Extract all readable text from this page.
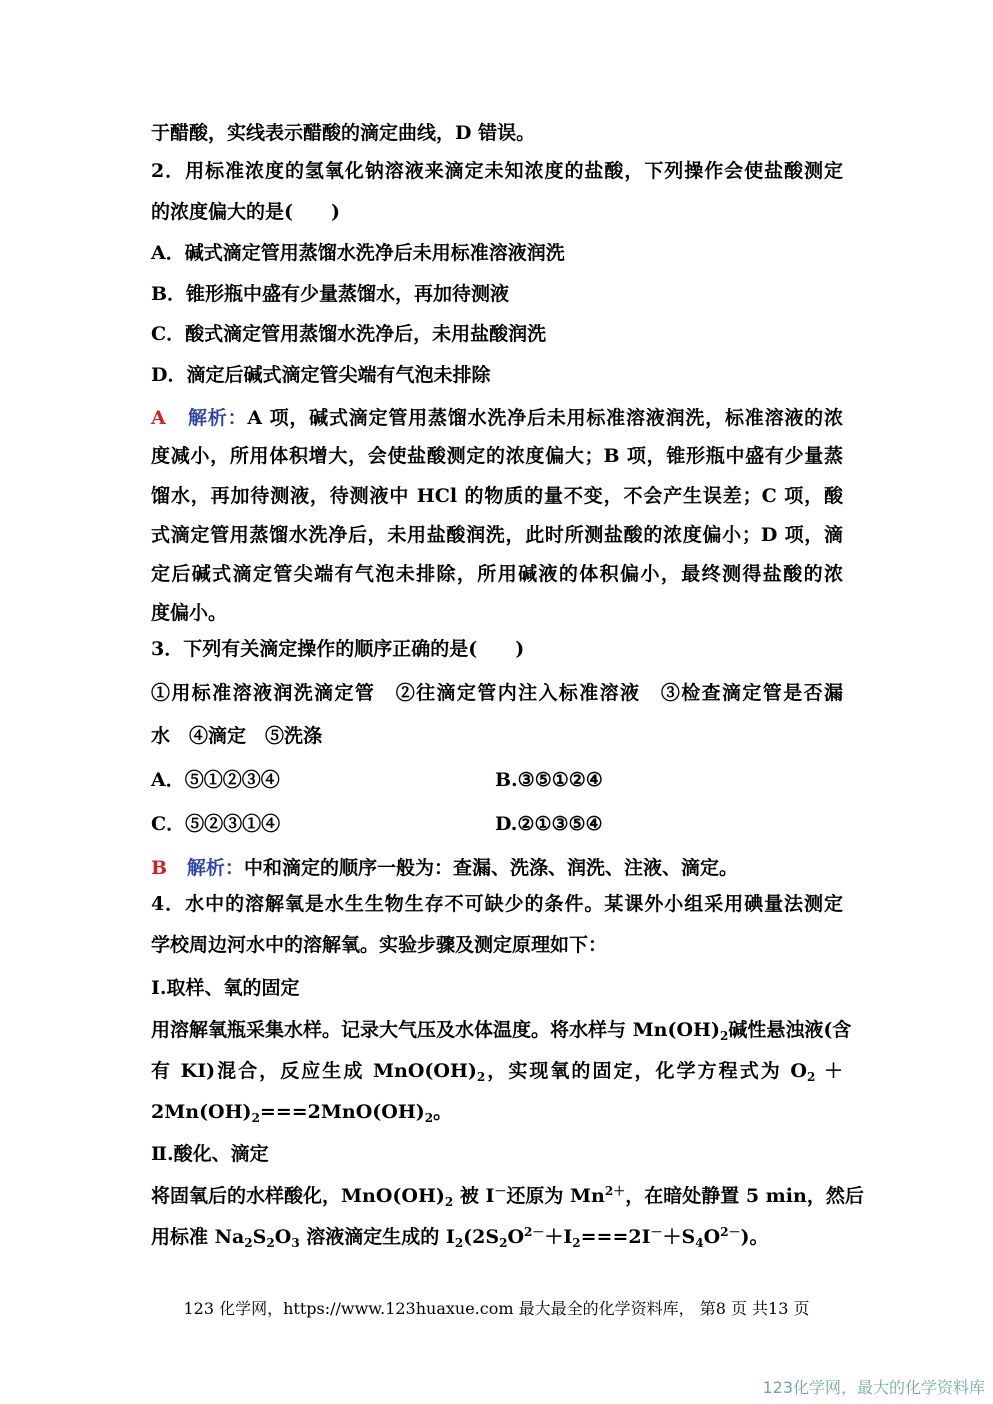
于醋酸，实线表示醋酸的滴定曲线，D 错误。
2．用标准浓度的氢氧化钠溶液来滴定未知浓度的盐酸，下列操作会使盐酸测定
的浓度偏大的是(　　)
A．碱式滴定管用蒸馏水洗净后未用标准溶液润洗
B．锥形瓶中盛有少量蒸馏水，再加待测液
C．酸式滴定管用蒸馏水洗净后，未用盐酸润洗
D．滴定后碱式滴定管尖端有气泡未排除
A 解析：A 项，碱式滴定管用蒸馏水洗净后未用标准溶液润洗，标准溶液的浓
度减小，所用体积增大，会使盐酸测定的浓度偏大；B 项，锥形瓶中盛有少量蒸
馏水，再加待测液，待测液中 HCl 的物质的量不变，不会产生误差；C 项，酸
式滴定管用蒸馏水洗净后，未用盐酸润洗，此时所测盐酸的浓度偏小；D 项，滴
定后碱式滴定管尖端有气泡未排除，所用碱液的体积偏小，最终测得盐酸的浓
度偏小。
3．下列有关滴定操作的顺序正确的是(　　)
①用标准溶液润洗滴定管　②往滴定管内注入标准溶液　③检查滴定管是否漏
水　④滴定　⑤洗涤
A．⑤①②③④	B.③⑤①②④
C．⑤②③①④	D.②①③⑤④
B 解析：中和滴定的顺序一般为：查漏、洗涤、润洗、注液、滴定。
4．水中的溶解氧是水生生物生存不可缺少的条件。某课外小组采用碘量法测定
学校周边河水中的溶解氧。实验步骤及测定原理如下：
Ⅰ.取样、氧的固定
用溶解氧瓶采集水样。记录大气压及水体温度。将水样与 $Mn(OH)_2$碱性悬浊液(含
有 KI)混合，反应生成 $MnO(OH)_2$，实现氧的固定，化学方程式为 $O_2$ ＋
$2Mn(OH)_2===2MnO(OH)_2$。
Ⅱ.酸化、滴定
将固氧后的水样酸化，$MnO(OH)_2$ 被 I－还原为 $Mn^{2+}$，在暗处静置 5 min，然后
用标准 $Na_2S_2O_3$ 溶液滴定生成的 $I_2(2S_2O^{2-}+I_2===2I^-+S_4O^{2-})$。
123 化学网，https://www.123huaxue.com 最大最全的化学资料库， 第8 页 共13 页
123化学网，最大的化学资料库
